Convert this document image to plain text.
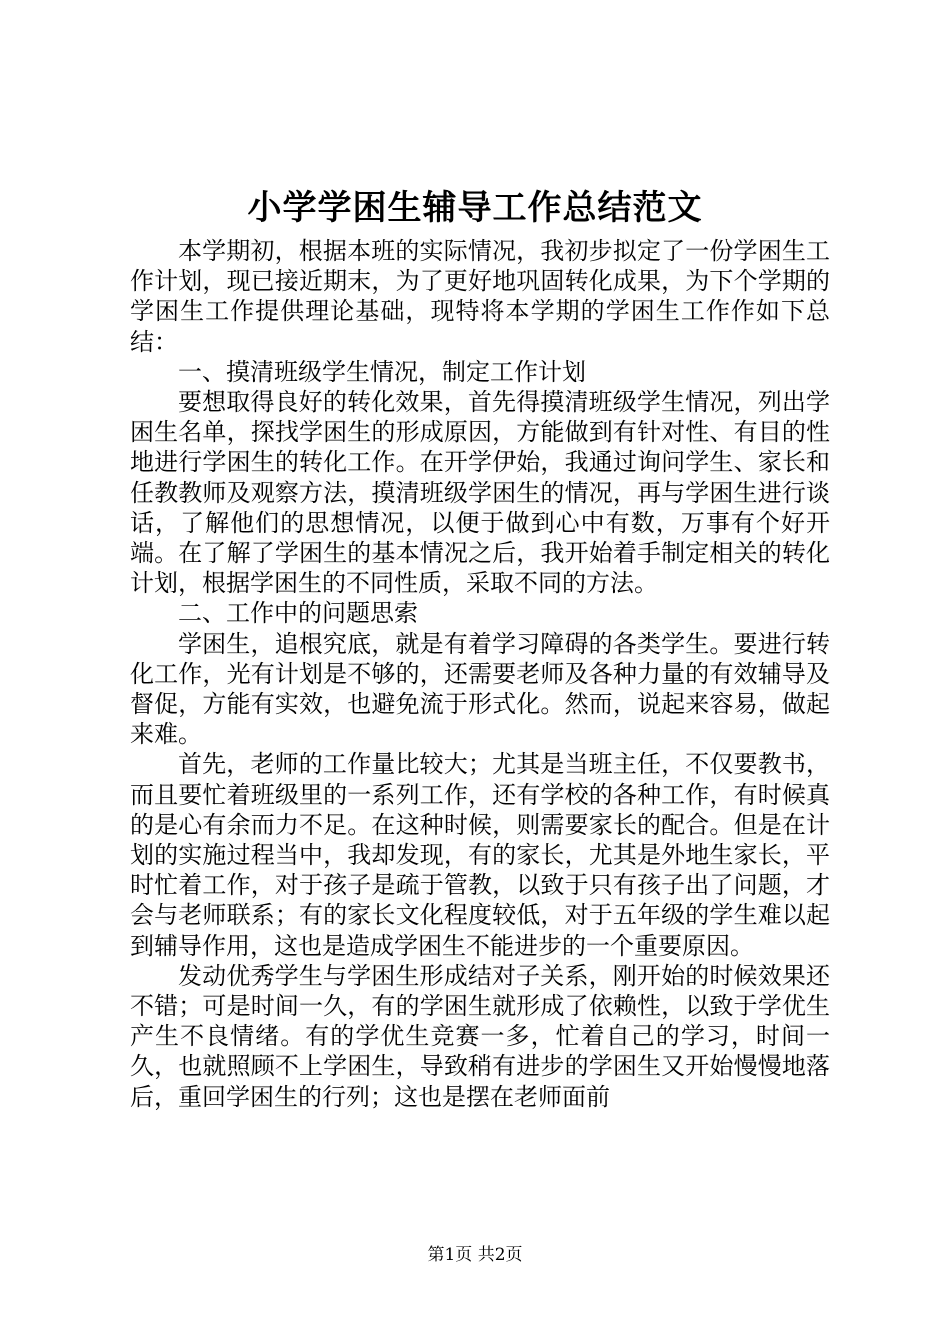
小学学困生辅导工作总结范文

本学期初，根据本班的实际情况，我初步拟定了一份学困生工作计划，现已接近期末，为了更好地巩固转化成果，为下个学期的学困生工作提供理论基础，现特将本学期的学困生工作作如下总结：

一、摸清班级学生情况，制定工作计划

要想取得良好的转化效果，首先得摸清班级学生情况，列出学困生名单，探找学困生的形成原因，方能做到有针对性、有目的性地进行学困生的转化工作。在开学伊始，我通过询问学生、家长和任教教师及观察方法，摸清班级学困生的情况，再与学困生进行谈话，了解他们的思想情况，以便于做到心中有数，万事有个好开端。在了解了学困生的基本情况之后，我开始着手制定相关的转化计划，根据学困生的不同性质，采取不同的方法。

二、工作中的问题思索

学困生，追根究底，就是有着学习障碍的各类学生。要进行转化工作，光有计划是不够的，还需要老师及各种力量的有效辅导及督促，方能有实效，也避免流于形式化。然而，说起来容易，做起来难。

首先，老师的工作量比较大；尤其是当班主任，不仅要教书，而且要忙着班级里的一系列工作，还有学校的各种工作，有时候真的是心有余而力不足。在这种时候，则需要家长的配合。但是在计划的实施过程当中，我却发现，有的家长，尤其是外地生家长，平时忙着工作，对于孩子是疏于管教，以致于只有孩子出了问题，才会与老师联系；有的家长文化程度较低，对于五年级的学生难以起到辅导作用，这也是造成学困生不能进步的一个重要原因。

发动优秀学生与学困生形成结对子关系，刚开始的时候效果还不错；可是时间一久，有的学困生就形成了依赖性，以致于学优生产生不良情绪。有的学优生竞赛一多，忙着自己的学习，时间一久，也就照顾不上学困生，导致稍有进步的学困生又开始慢慢地落后，重回学困生的行列；这也是摆在老师面前

第1页 共2页
